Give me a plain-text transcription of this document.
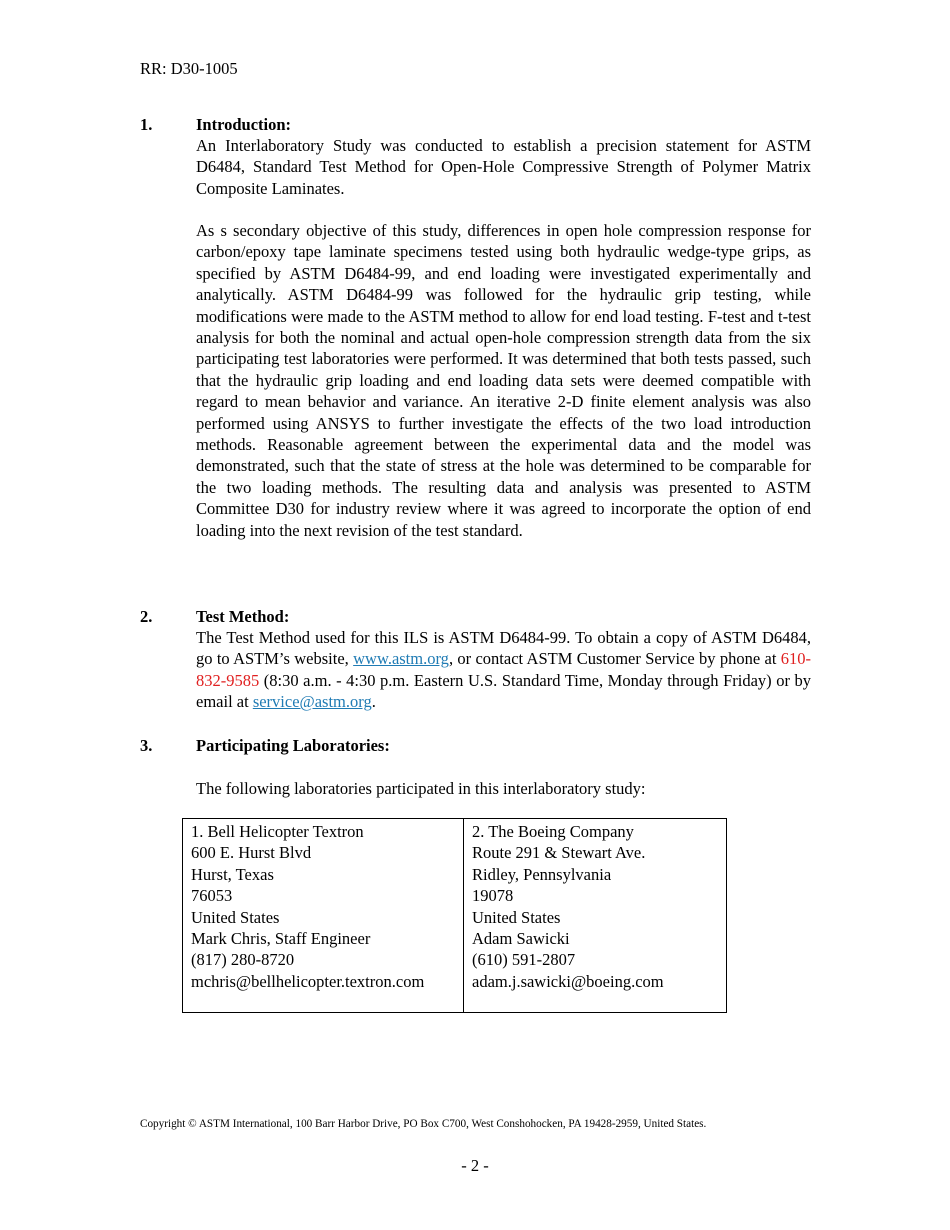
RR: D30-1005
1.	Introduction:
An Interlaboratory Study was conducted to establish a precision statement for ASTM D6484, Standard Test Method for Open-Hole Compressive Strength of Polymer Matrix Composite Laminates.
As s secondary objective of this study, differences in open hole compression response for carbon/epoxy tape laminate specimens tested using both hydraulic wedge-type grips, as specified by ASTM D6484-99, and end loading were investigated experimentally and analytically. ASTM D6484-99 was followed for the hydraulic grip testing, while modifications were made to the ASTM method to allow for end load testing. F-test and t-test analysis for both the nominal and actual open-hole compression strength data from the six participating test laboratories were performed. It was determined that both tests passed, such that the hydraulic grip loading and end loading data sets were deemed compatible with regard to mean behavior and variance. An iterative 2-D finite element analysis was also performed using ANSYS to further investigate the effects of the two load introduction methods. Reasonable agreement between the experimental data and the model was demonstrated, such that the state of stress at the hole was determined to be comparable for the two loading methods. The resulting data and analysis was presented to ASTM Committee D30 for industry review where it was agreed to incorporate the option of end loading into the next revision of the test standard.
2.	Test Method:
The Test Method used for this ILS is ASTM D6484-99. To obtain a copy of ASTM D6484, go to ASTM’s website, www.astm.org, or contact ASTM Customer Service by phone at 610-832-9585 (8:30 a.m. - 4:30 p.m. Eastern U.S. Standard Time, Monday through Friday) or by email at service@astm.org.
3.	Participating Laboratories:
The following laboratories participated in this interlaboratory study:
1. Bell Helicopter Textron
600 E. Hurst Blvd
Hurst, Texas
76053
United States
Mark Chris, Staff Engineer
(817) 280-8720
mchris@bellhelicopter.textron.com

2. The Boeing Company
Route 291 & Stewart Ave.
Ridley, Pennsylvania
19078
United States
Adam Sawicki
(610) 591-2807
adam.j.sawicki@boeing.com
Copyright © ASTM International, 100 Barr Harbor Drive, PO Box C700, West Conshohocken, PA 19428-2959, United States.
- 2 -
